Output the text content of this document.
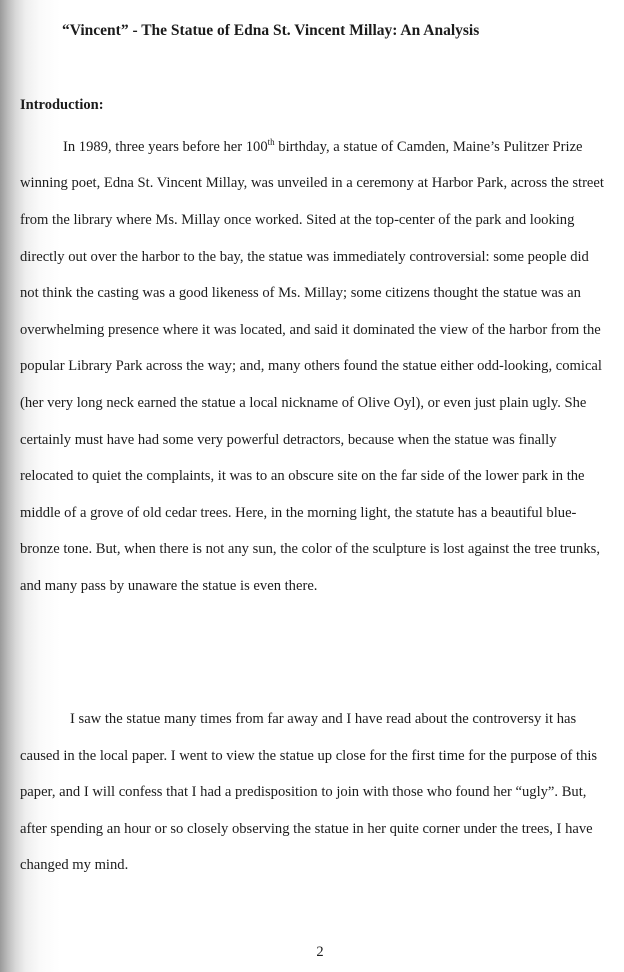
“Vincent” - The Statue of Edna St. Vincent Millay: An Analysis
Introduction:

In 1989, three years before her 100th birthday, a statue of Camden, Maine’s Pulitzer Prize winning poet, Edna St. Vincent Millay, was unveiled in a ceremony at Harbor Park, across the street from the library where Ms. Millay once worked. Sited at the top-center of the park and looking directly out over the harbor to the bay, the statue was immediately controversial: some people did not think the casting was a good likeness of Ms. Millay; some citizens thought the statue was an overwhelming presence where it was located, and said it dominated the view of the harbor from the popular Library Park across the way; and, many others found the statue either odd-looking, comical (her very long neck earned the statue a local nickname of Olive Oyl), or even just plain ugly. She certainly must have had some very powerful detractors, because when the statue was finally relocated to quiet the complaints, it was to an obscure site on the far side of the lower park in the middle of a grove of old cedar trees. Here, in the morning light, the statute has a beautiful blue-bronze tone. But, when there is not any sun, the color of the sculpture is lost against the tree trunks, and many pass by unaware the statue is even there.

I saw the statue many times from far away and I have read about the controversy it has caused in the local paper. I went to view the statue up close for the first time for the purpose of this paper, and I will confess that I had a predisposition to join with those who found her “ugly”. But, after spending an hour or so closely observing the statue in her quite corner under the trees, I have changed my mind.

2
